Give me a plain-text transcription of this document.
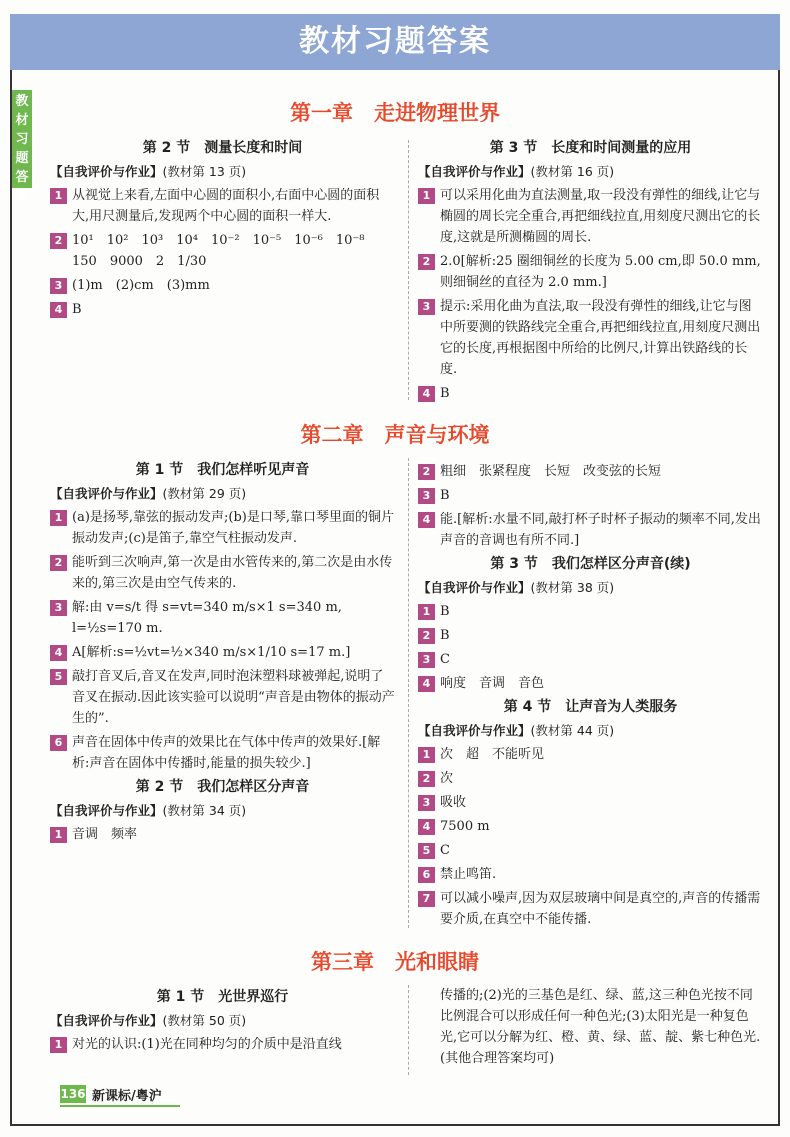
教材习题答案
教材习题答案
第一章　走进物理世界
第 2 节　测量长度和时间
【自我评价与作业】(教材第 13 页)
1 从视觉上来看,左面中心圆的面积小,右面中心圆的面积大,用尺测量后,发现两个中心圆的面积一样大.
2 10¹　10²　10³　10⁴　10⁻²　10⁻⁵　10⁻⁶　10⁻⁸　150　9000　2　1/30
3 (1)m　(2)cm　(3)mm
4 B
第 3 节　长度和时间测量的应用
【自我评价与作业】(教材第 16 页)
1 可以采用化曲为直法测量,取一段没有弹性的细线,让它与椭圆的周长完全重合,再把细线拉直,用刻度尺测出它的长度,这就是所测椭圆的周长.
2 2.0[解析:25 圈细铜丝的长度为 5.00 cm,即 50.0 mm,则细铜丝的直径为 2.0 mm.]
3 提示:采用化曲为直法,取一段没有弹性的细线,让它与图中所要测的铁路线完全重合,再把细线拉直,用刻度尺测出它的长度,再根据图中所给的比例尺,计算出铁路线的长度.
4 B
第二章　声音与环境
第 1 节　我们怎样听见声音
【自我评价与作业】(教材第 29 页)
1 (a)是扬琴,靠弦的振动发声;(b)是口琴,靠口琴里面的铜片振动发声;(c)是笛子,靠空气柱振动发声.
2 能听到三次响声,第一次是由水管传来的,第二次是由水传来的,第三次是由空气传来的.
3 解:由 v=s/t 得 s=vt=340 m/s×1 s=340 m, l=½s=170 m.
4 A[解析:s=½vt=½×340 m/s×1/10 s=17 m.]
5 敲打音叉后,音叉在发声,同时泡沫塑料球被弹起,说明了音叉在振动.因此该实验可以说明“声音是由物体的振动产生的”.
6 声音在固体中传声的效果比在气体中传声的效果好.[解析:声音在固体中传播时,能量的损失较少.]
第 2 节　我们怎样区分声音
【自我评价与作业】(教材第 34 页)
1 音调　频率
2 粗细　张紧程度　长短　改变弦的长短
3 B
4 能.[解析:水量不同,敲打杯子时杯子振动的频率不同,发出声音的音调也有所不同.]
第 3 节　我们怎样区分声音(续)
【自我评价与作业】(教材第 38 页)
1 B
2 B
3 C
4 响度　音调　音色
第 4 节　让声音为人类服务
【自我评价与作业】(教材第 44 页)
1 次　超　不能听见
2 次
3 吸收
4 7500 m
5 C
6 禁止鸣笛.
7 可以减小噪声,因为双层玻璃中间是真空的,声音的传播需要介质,在真空中不能传播.
第三章　光和眼睛
第 1 节　光世界巡行
【自我评价与作业】(教材第 50 页)
1 对光的认识:(1)光在同种均匀的介质中是沿直线
传播的;(2)光的三基色是红、绿、蓝,这三种色光按不同比例混合可以形成任何一种色光;(3)太阳光是一种复色光,它可以分解为红、橙、黄、绿、蓝、靛、紫七种色光.(其他合理答案均可)
136 新课标/粤沪
